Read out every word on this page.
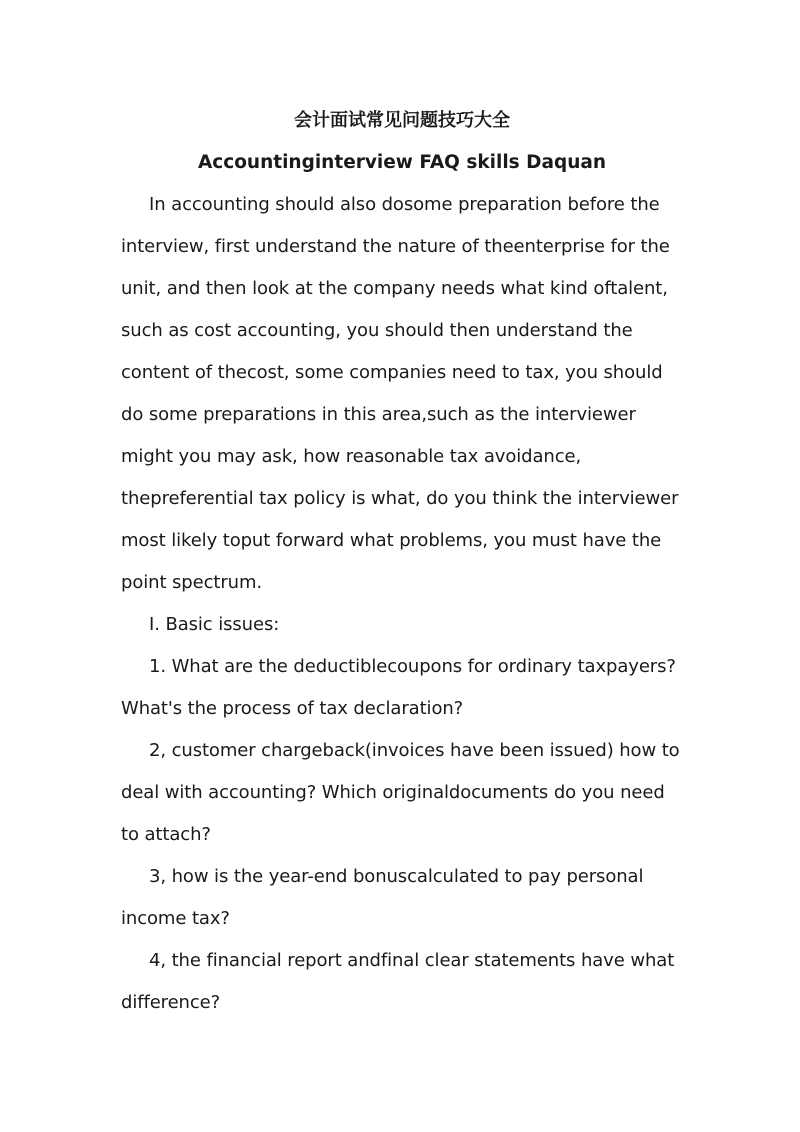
会计面试常见问题技巧大全

Accountinginterview FAQ skills Daquan

In accounting should also dosome preparation before the interview, first understand the nature of theenterprise for the unit, and then look at the company needs what kind oftalent, such as cost accounting, you should then understand the content of thecost, some companies need to tax, you should do some preparations in this area,such as the interviewer might you may ask, how reasonable tax avoidance, thepreferential tax policy is what, do you think the interviewer most likely toput forward what problems, you must have the point spectrum.

I. Basic issues:

1. What are the deductiblecoupons for ordinary taxpayers? What's the process of tax declaration?

2, customer chargeback(invoices have been issued) how to deal with accounting? Which originaldocuments do you need to attach?

3, how is the year-end bonuscalculated to pay personal income tax?

4, the financial report andfinal clear statements have what difference?
